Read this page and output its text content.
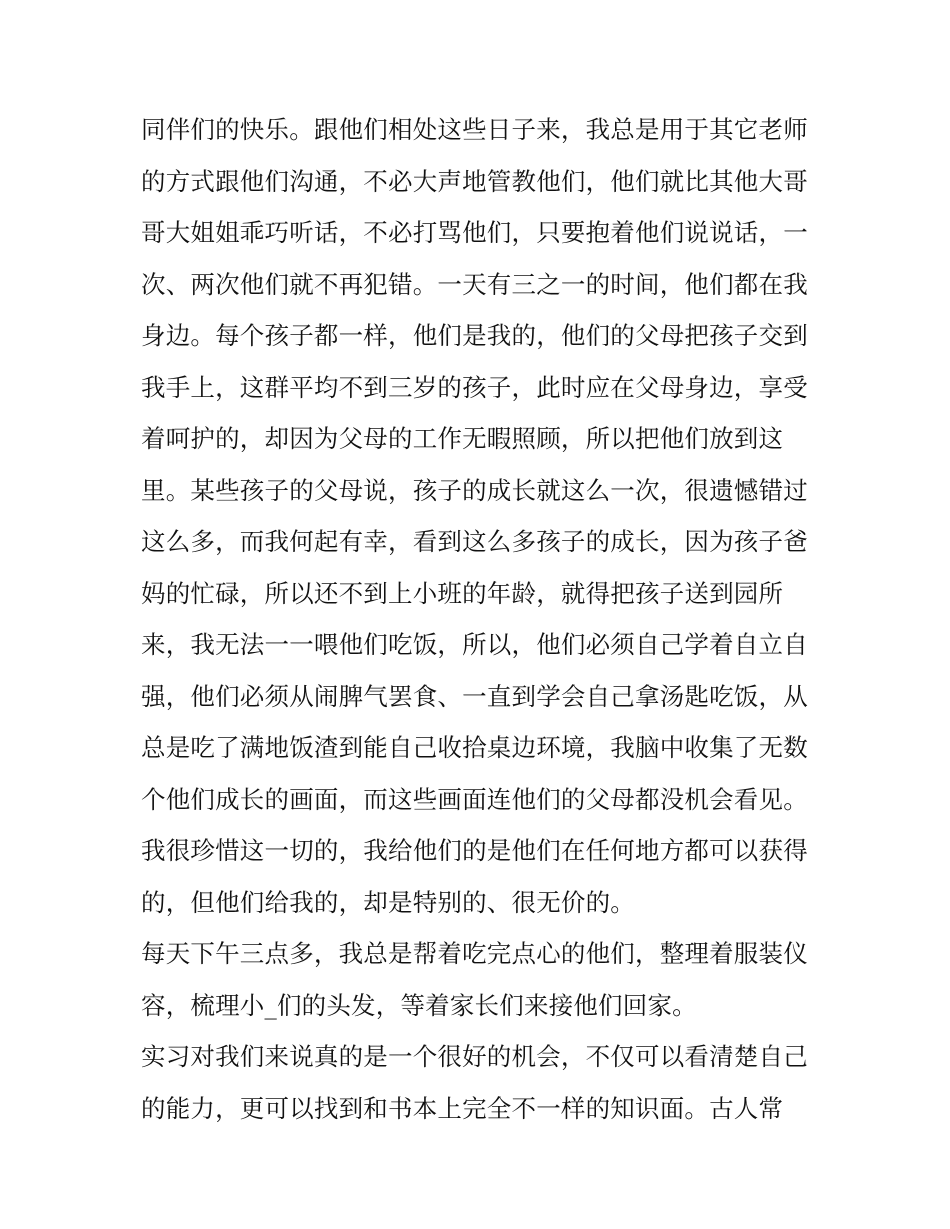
同伴们的快乐。跟他们相处这些日子来，我总是用于其它老师
的方式跟他们沟通，不必大声地管教他们，他们就比其他大哥
哥大姐姐乖巧听话，不必打骂他们，只要抱着他们说说话，一
次、两次他们就不再犯错。一天有三之一的时间，他们都在我
身边。每个孩子都一样，他们是我的，他们的父母把孩子交到
我手上，这群平均不到三岁的孩子，此时应在父母身边，享受
着呵护的，却因为父母的工作无暇照顾，所以把他们放到这
里。某些孩子的父母说，孩子的成长就这么一次，很遗憾错过
这么多，而我何起有幸，看到这么多孩子的成长，因为孩子爸
妈的忙碌，所以还不到上小班的年龄，就得把孩子送到园所
来，我无法一一喂他们吃饭，所以，他们必须自己学着自立自
强，他们必须从闹脾气罢食、一直到学会自己拿汤匙吃饭，从
总是吃了满地饭渣到能自己收拾桌边环境，我脑中收集了无数
个他们成长的画面，而这些画面连他们的父母都没机会看见。
我很珍惜这一切的，我给他们的是他们在任何地方都可以获得
的，但他们给我的，却是特别的、很无价的。
每天下午三点多，我总是帮着吃完点心的他们，整理着服装仪
容，梳理小_们的头发，等着家长们来接他们回家。
实习对我们来说真的是一个很好的机会，不仅可以看清楚自己
的能力，更可以找到和书本上完全不一样的知识面。古人常
